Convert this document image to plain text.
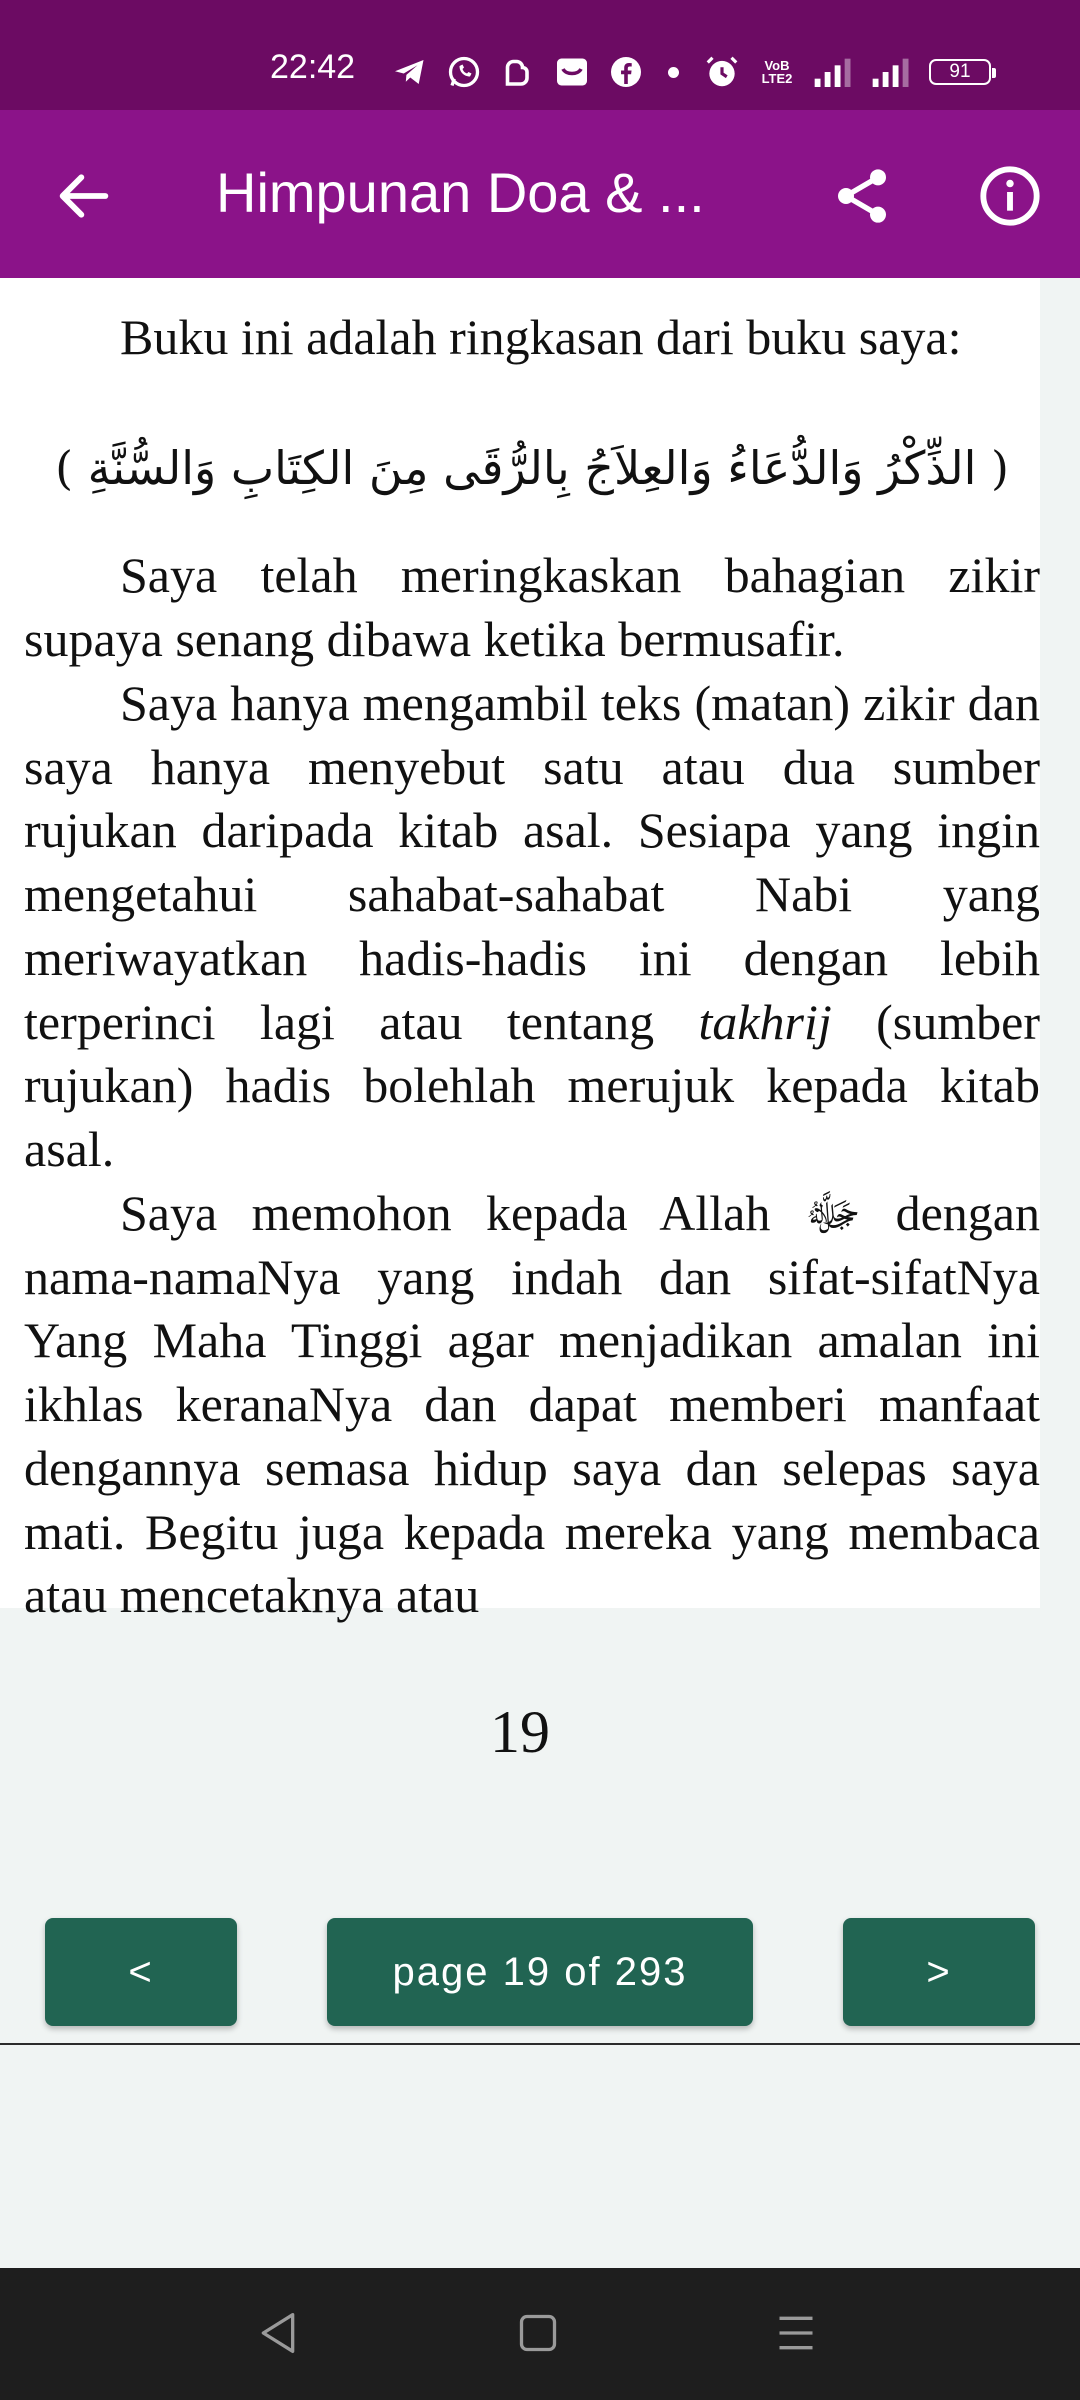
22:42	VoB LTE2	91
Himpunan Doa & ...

Buku ini adalah ringkasan dari buku saya:

( الذِّكْرُ وَالدُّعَاءُ وَالعِلاَجُ بِالرُّقَى مِنَ الكِتَابِ وَالسُّنَّةِ )

Saya telah meringkaskan bahagian zikir supaya senang dibawa ketika bermusafir.

Saya hanya mengambil teks (matan) zikir dan saya hanya menyebut satu atau dua sumber rujukan daripada kitab asal. Sesiapa yang ingin mengetahui sahabat-sahabat Nabi yang meriwayatkan hadis-hadis ini dengan lebih terperinci lagi atau tentang takhrij (sumber rujukan) hadis bolehlah merujuk kepada kitab asal.

Saya memohon kepada Allah ﷻ dengan nama-namaNya yang indah dan sifat-sifatNya Yang Maha Tinggi agar menjadikan amalan ini ikhlas keranaNya dan dapat memberi manfaat dengannya semasa hidup saya dan selepas saya mati. Begitu juga kepada mereka yang membaca atau mencetaknya atau

19
<	page 19 of 293	>
